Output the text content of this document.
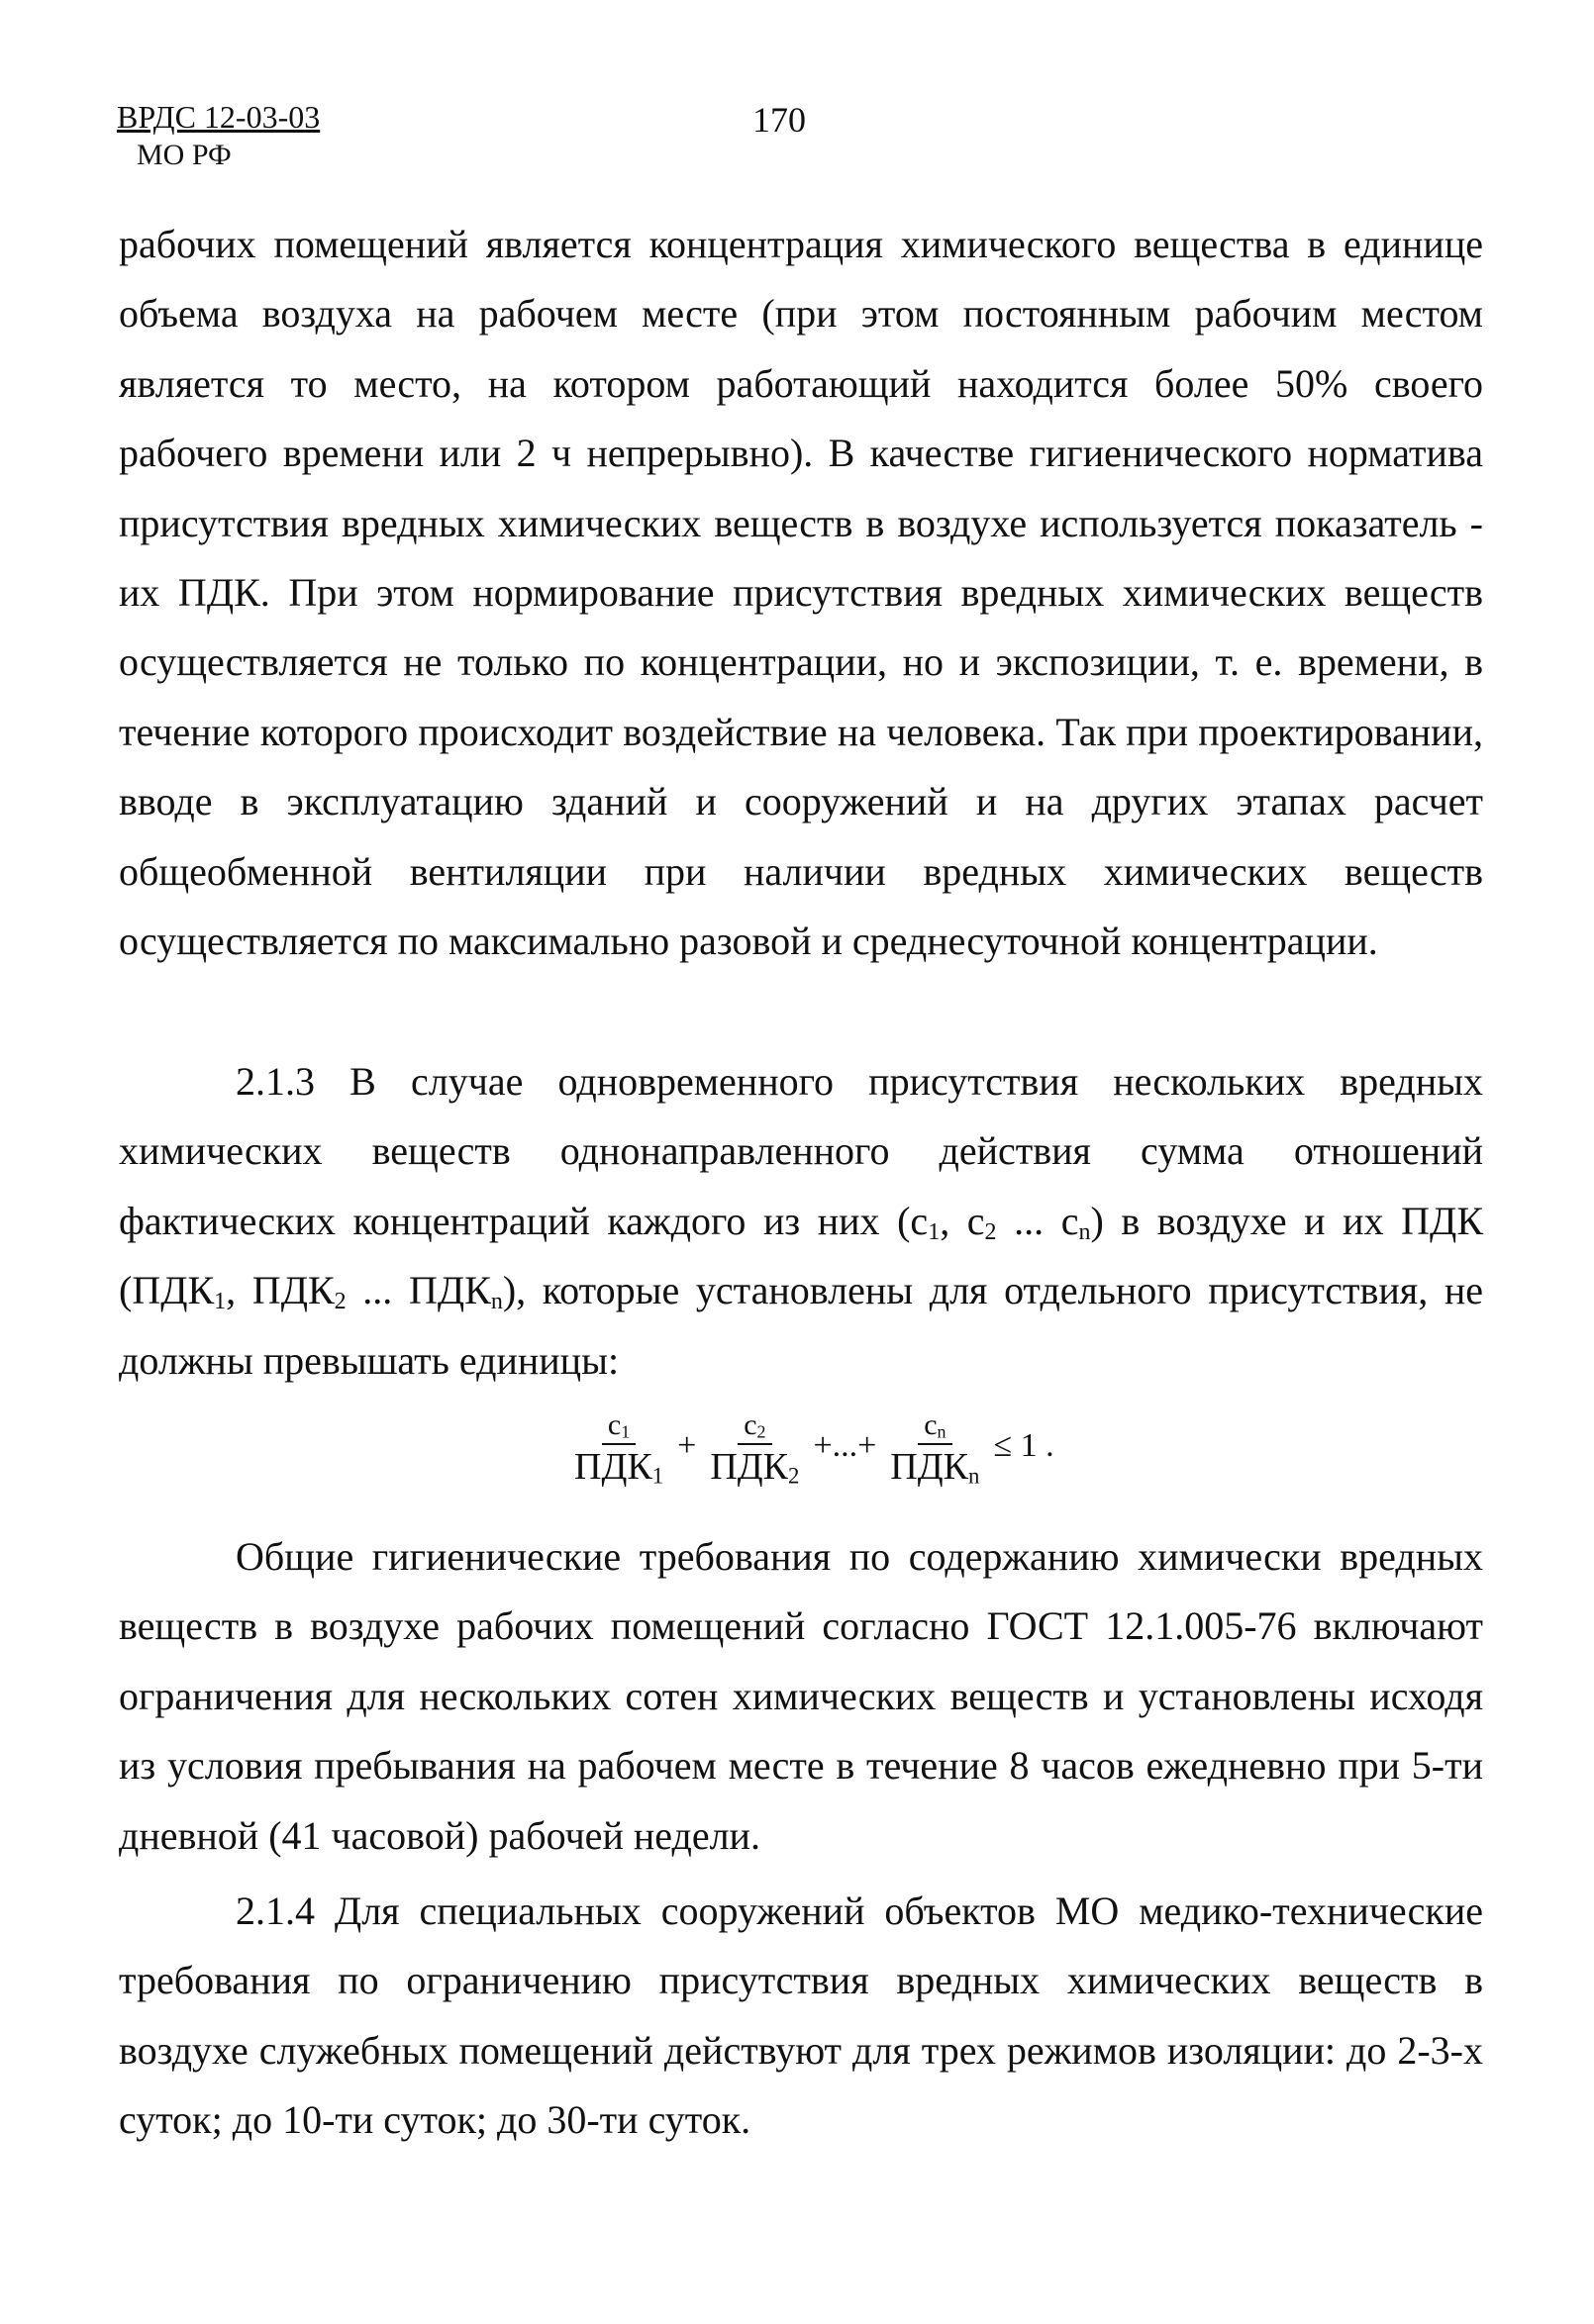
ВРДС 12-03-03
МО РФ
170

рабочих помещений является концентрация химического вещества в единице объема воздуха на рабочем месте (при этом постоянным рабочим местом является то место, на котором работающий находится более 50% своего рабочего времени или 2 ч непрерывно). В качестве гигиенического норматива присутствия вредных химических веществ в воздухе используется показатель - их ПДК. При этом нормирование присутствия вредных химических веществ осуществляется не только по концентрации, но и экспозиции, т. е. времени, в течение которого происходит воздействие на человека. Так при проектировании, вводе в эксплуатацию зданий и сооружений и на других этапах расчет общеобменной вентиляции при наличии вредных химических веществ осуществляется по максимально разовой и среднесуточной концентрации.

2.1.3 В случае одновременного присутствия нескольких вредных химических веществ однонаправленного действия сумма отношений фактических концентраций каждого из них ($с_1$, $с_2$ ... $с_n$) в воздухе и их ПДК ($ПДК_1$, $ПДК_2$ ... $ПДК_n$), которые установлены для отдельного присутствия, не должны превышать единицы:

$\frac{c_1}{ПДК_1} + \frac{c_2}{ПДК_2}$ +...+ $\frac{c_n}{ПДК_n} \le 1$ .

Общие гигиенические требования по содержанию химически вредных веществ в воздухе рабочих помещений согласно ГОСТ 12.1.005-76 включают ограничения для нескольких сотен химических веществ и установлены исходя из условия пребывания на рабочем месте в течение 8 часов ежедневно при 5-ти дневной (41 часовой) рабочей недели.

2.1.4 Для специальных сооружений объектов МО медико-технические требования по ограничению присутствия вредных химических веществ в воздухе служебных помещений действуют для трех режимов изоляции: до 2-3-х суток; до 10-ти суток; до 30-ти суток.
